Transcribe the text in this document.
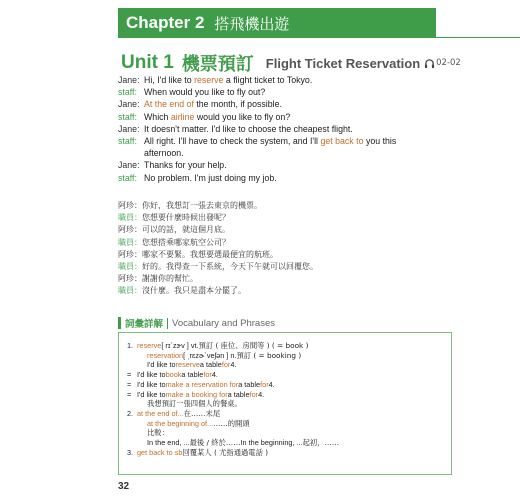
Chapter 2 搭飛機出遊
Unit 1 機票預訂 Flight Ticket Reservation 02-02
Jane: Hi, I'd like to reserve a flight ticket to Tokyo.
staff: When would you like to fly out?
Jane: At the end of the month, if possible.
staff: Which airline would you like to fly on?
Jane: It doesn't matter. I'd like to choose the cheapest flight.
staff: All right. I'll have to check the system, and I'll get back to you this
afternoon.
Jane: Thanks for your help.
staff: No problem. I'm just doing my job.
阿珍： 你好，我想訂一張去東京的機票。
職員： 您想要什麼時候出發呢？
阿珍： 可以的話，就這個月底。
職員： 您想搭乘哪家航空公司？
阿珍： 哪家不要緊。我想要選最便宜的航班。
職員： 好的。我得查一下系統，今天下午就可以回覆您。
阿珍： 謝謝你的幫忙。
職員： 沒什麼。我只是盡本分罷了。
詞彙詳解 Vocabulary and Phrases
1. reserve [ rɪˋzɝv ] vt. 預訂 ( 座位、房間等 ) ( = book )
reservation [ ˏrɛzɚˋveʃən ] n. 預訂 ( = booking )
I'd like to reserve a table for 4.
= I'd like to book a table for 4.
= I'd like to make a reservation for a table for 4.
= I'd like to make a booking for a table for 4.
我想預訂一張四個人的餐桌。
2. at the end of... 在……末尾
at the beginning of... ……的開頭
比較：
In the end, ... 最後 / 終於…… In the beginning, ... 起初，……
3. get back to sb 回覆某人 ( 尤指通過電話 )
32
